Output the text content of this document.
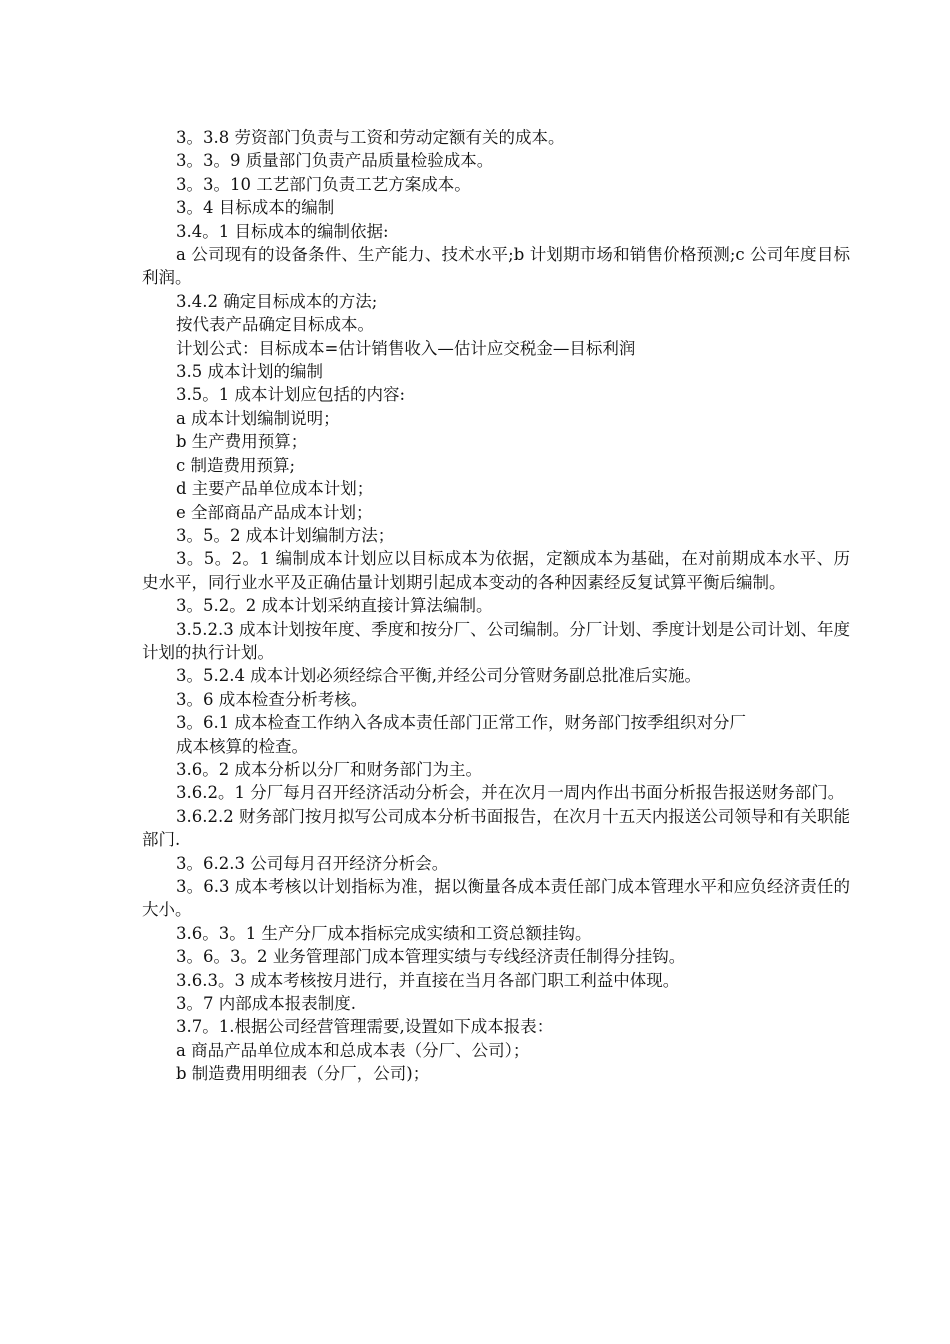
3。3.8 劳资部门负责与工资和劳动定额有关的成本。

3。3。9 质量部门负责产品质量检验成本。

3。3。10 工艺部门负责工艺方案成本。

3。4 目标成本的编制

3.4。1 目标成本的编制依据:

a 公司现有的设备条件、生产能力、技术水平;b 计划期市场和销售价格预测;c 公司年度目标利润。

3.4.2 确定目标成本的方法;

按代表产品确定目标成本。

计划公式：目标成本=估计销售收入—估计应交税金—目标利润

3.5 成本计划的编制

3.5。1 成本计划应包括的内容:

a 成本计划编制说明；

b 生产费用预算；

c 制造费用预算;

d 主要产品单位成本计划；

e 全部商品产品成本计划；

3。5。2 成本计划编制方法；

3。5。2。1 编制成本计划应以目标成本为依据，定额成本为基础，在对前期成本水平、历史水平，同行业水平及正确估量计划期引起成本变动的各种因素经反复试算平衡后编制。

3。5.2。2 成本计划采纳直接计算法编制。

3.5.2.3 成本计划按年度、季度和按分厂、公司编制。分厂计划、季度计划是公司计划、年度计划的执行计划。

3。5.2.4 成本计划必须经综合平衡,并经公司分管财务副总批准后实施。

3。6 成本检查分析考核。

3。6.1 成本检查工作纳入各成本责任部门正常工作，财务部门按季组织对分厂

成本核算的检查。

3.6。2 成本分析以分厂和财务部门为主。

3.6.2。1 分厂每月召开经济活动分析会，并在次月一周内作出书面分析报告报送财务部门。

3.6.2.2 财务部门按月拟写公司成本分析书面报告，在次月十五天内报送公司领导和有关职能部门.

3。6.2.3 公司每月召开经济分析会。

3。6.3 成本考核以计划指标为准，据以衡量各成本责任部门成本管理水平和应负经济责任的大小。

3.6。3。1 生产分厂成本指标完成实绩和工资总额挂钩。

3。6。3。2 业务管理部门成本管理实绩与专线经济责任制得分挂钩。

3.6.3。3 成本考核按月进行，并直接在当月各部门职工利益中体现。

3。7 内部成本报表制度.

3.7。1.根据公司经营管理需要,设置如下成本报表：

a 商品产品单位成本和总成本表（分厂、公司）；

b 制造费用明细表（分厂，公司)；
